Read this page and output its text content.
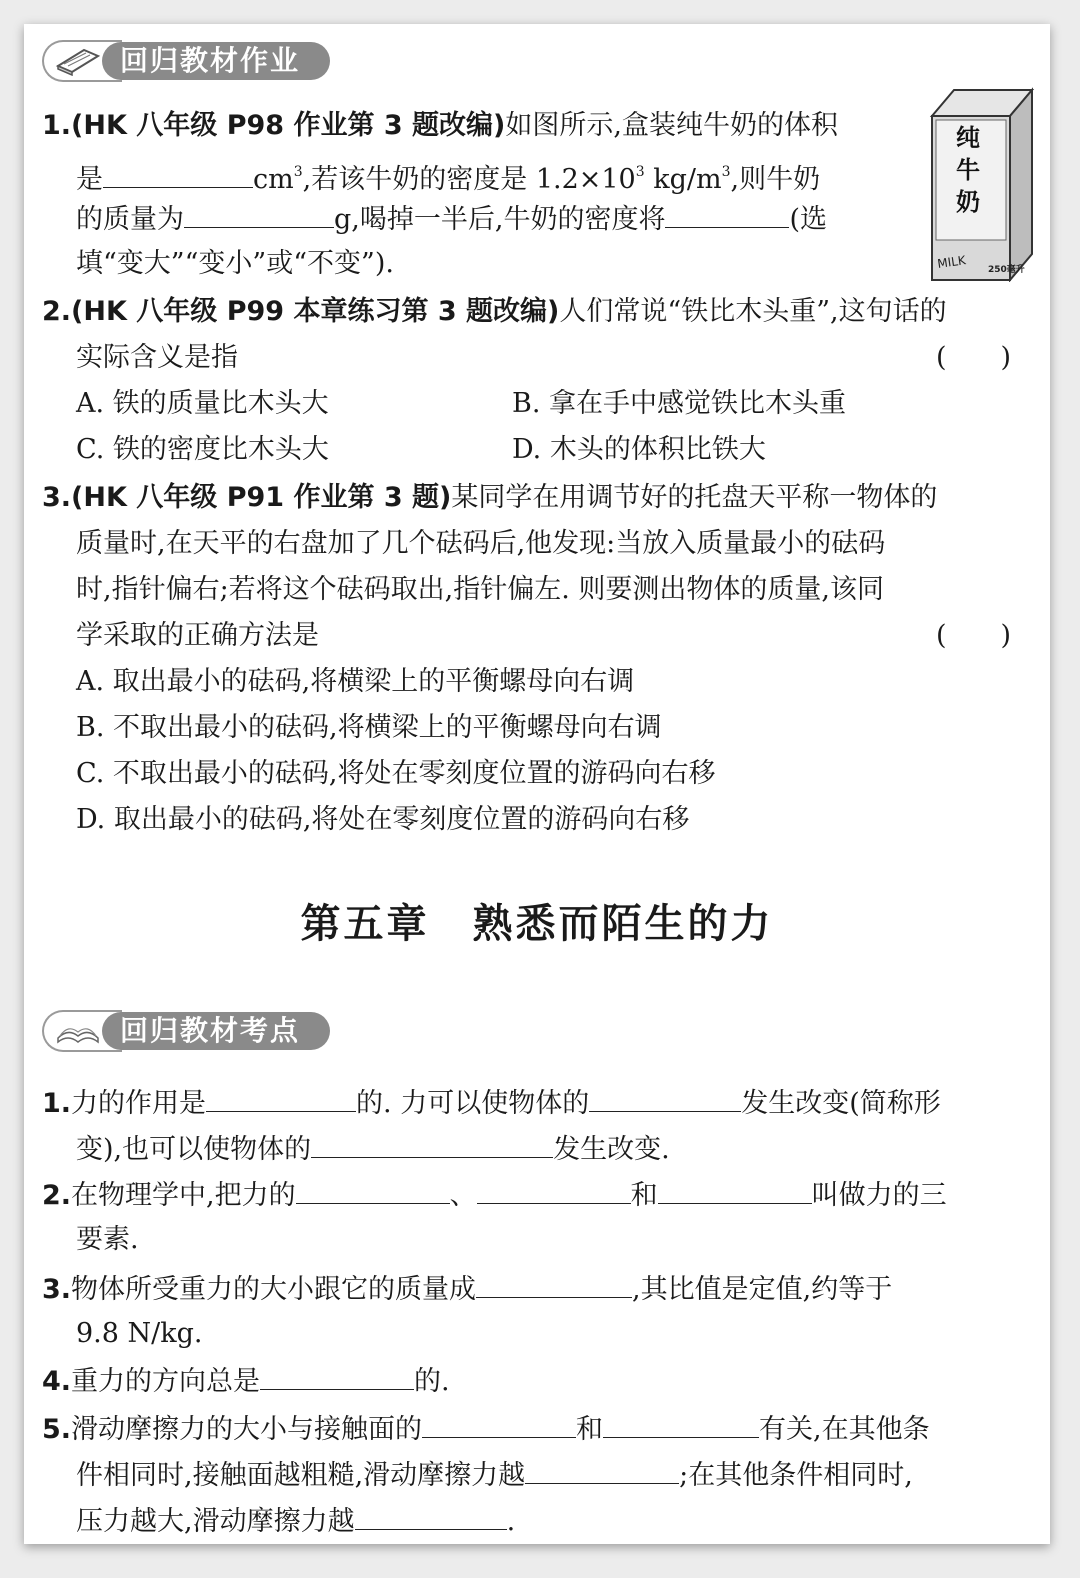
回归教材作业
纯
牛
奶
MILK 250毫升
1.(HK 八年级 P98 作业第 3 题改编)如图所示,盒装纯牛奶的体积
是	$cm^3$,若该牛奶的密度是 $1.2\times 10^3$ $kg/m^3$,则牛奶
的质量为	g,喝掉一半后,牛奶的密度将	(选
填“变大”“变小”或“不变”).
2.(HK 八年级 P99 本章练习第 3 题改编)人们常说“铁比木头重”,这句话的
实际含义是指	(　　)
A. 铁的质量比木头大	B. 拿在手中感觉铁比木头重
C. 铁的密度比木头大	D. 木头的体积比铁大
3.(HK 八年级 P91 作业第 3 题)某同学在用调节好的托盘天平称一物体的
质量时,在天平的右盘加了几个砝码后,他发现:当放入质量最小的砝码
时,指针偏右;若将这个砝码取出,指针偏左. 则要测出物体的质量,该同
学采取的正确方法是	(　　)
A. 取出最小的砝码,将横梁上的平衡螺母向右调
B. 不取出最小的砝码,将横梁上的平衡螺母向右调
C. 不取出最小的砝码,将处在零刻度位置的游码向右移
D. 取出最小的砝码,将处在零刻度位置的游码向右移
第五章　熟悉而陌生的力
回归教材考点
1.力的作用是	的. 力可以使物体的	发生改变(简称形
变),也可以使物体的	发生改变.
2.在物理学中,把力的	、	和	叫做力的三
要素.
3.物体所受重力的大小跟它的质量成	,其比值是定值,约等于
9.8 N/kg.
4.重力的方向总是	的.
5.滑动摩擦力的大小与接触面的	和	有关,在其他条
件相同时,接触面越粗糙,滑动摩擦力越	;在其他条件相同时,
压力越大,滑动摩擦力越	.
